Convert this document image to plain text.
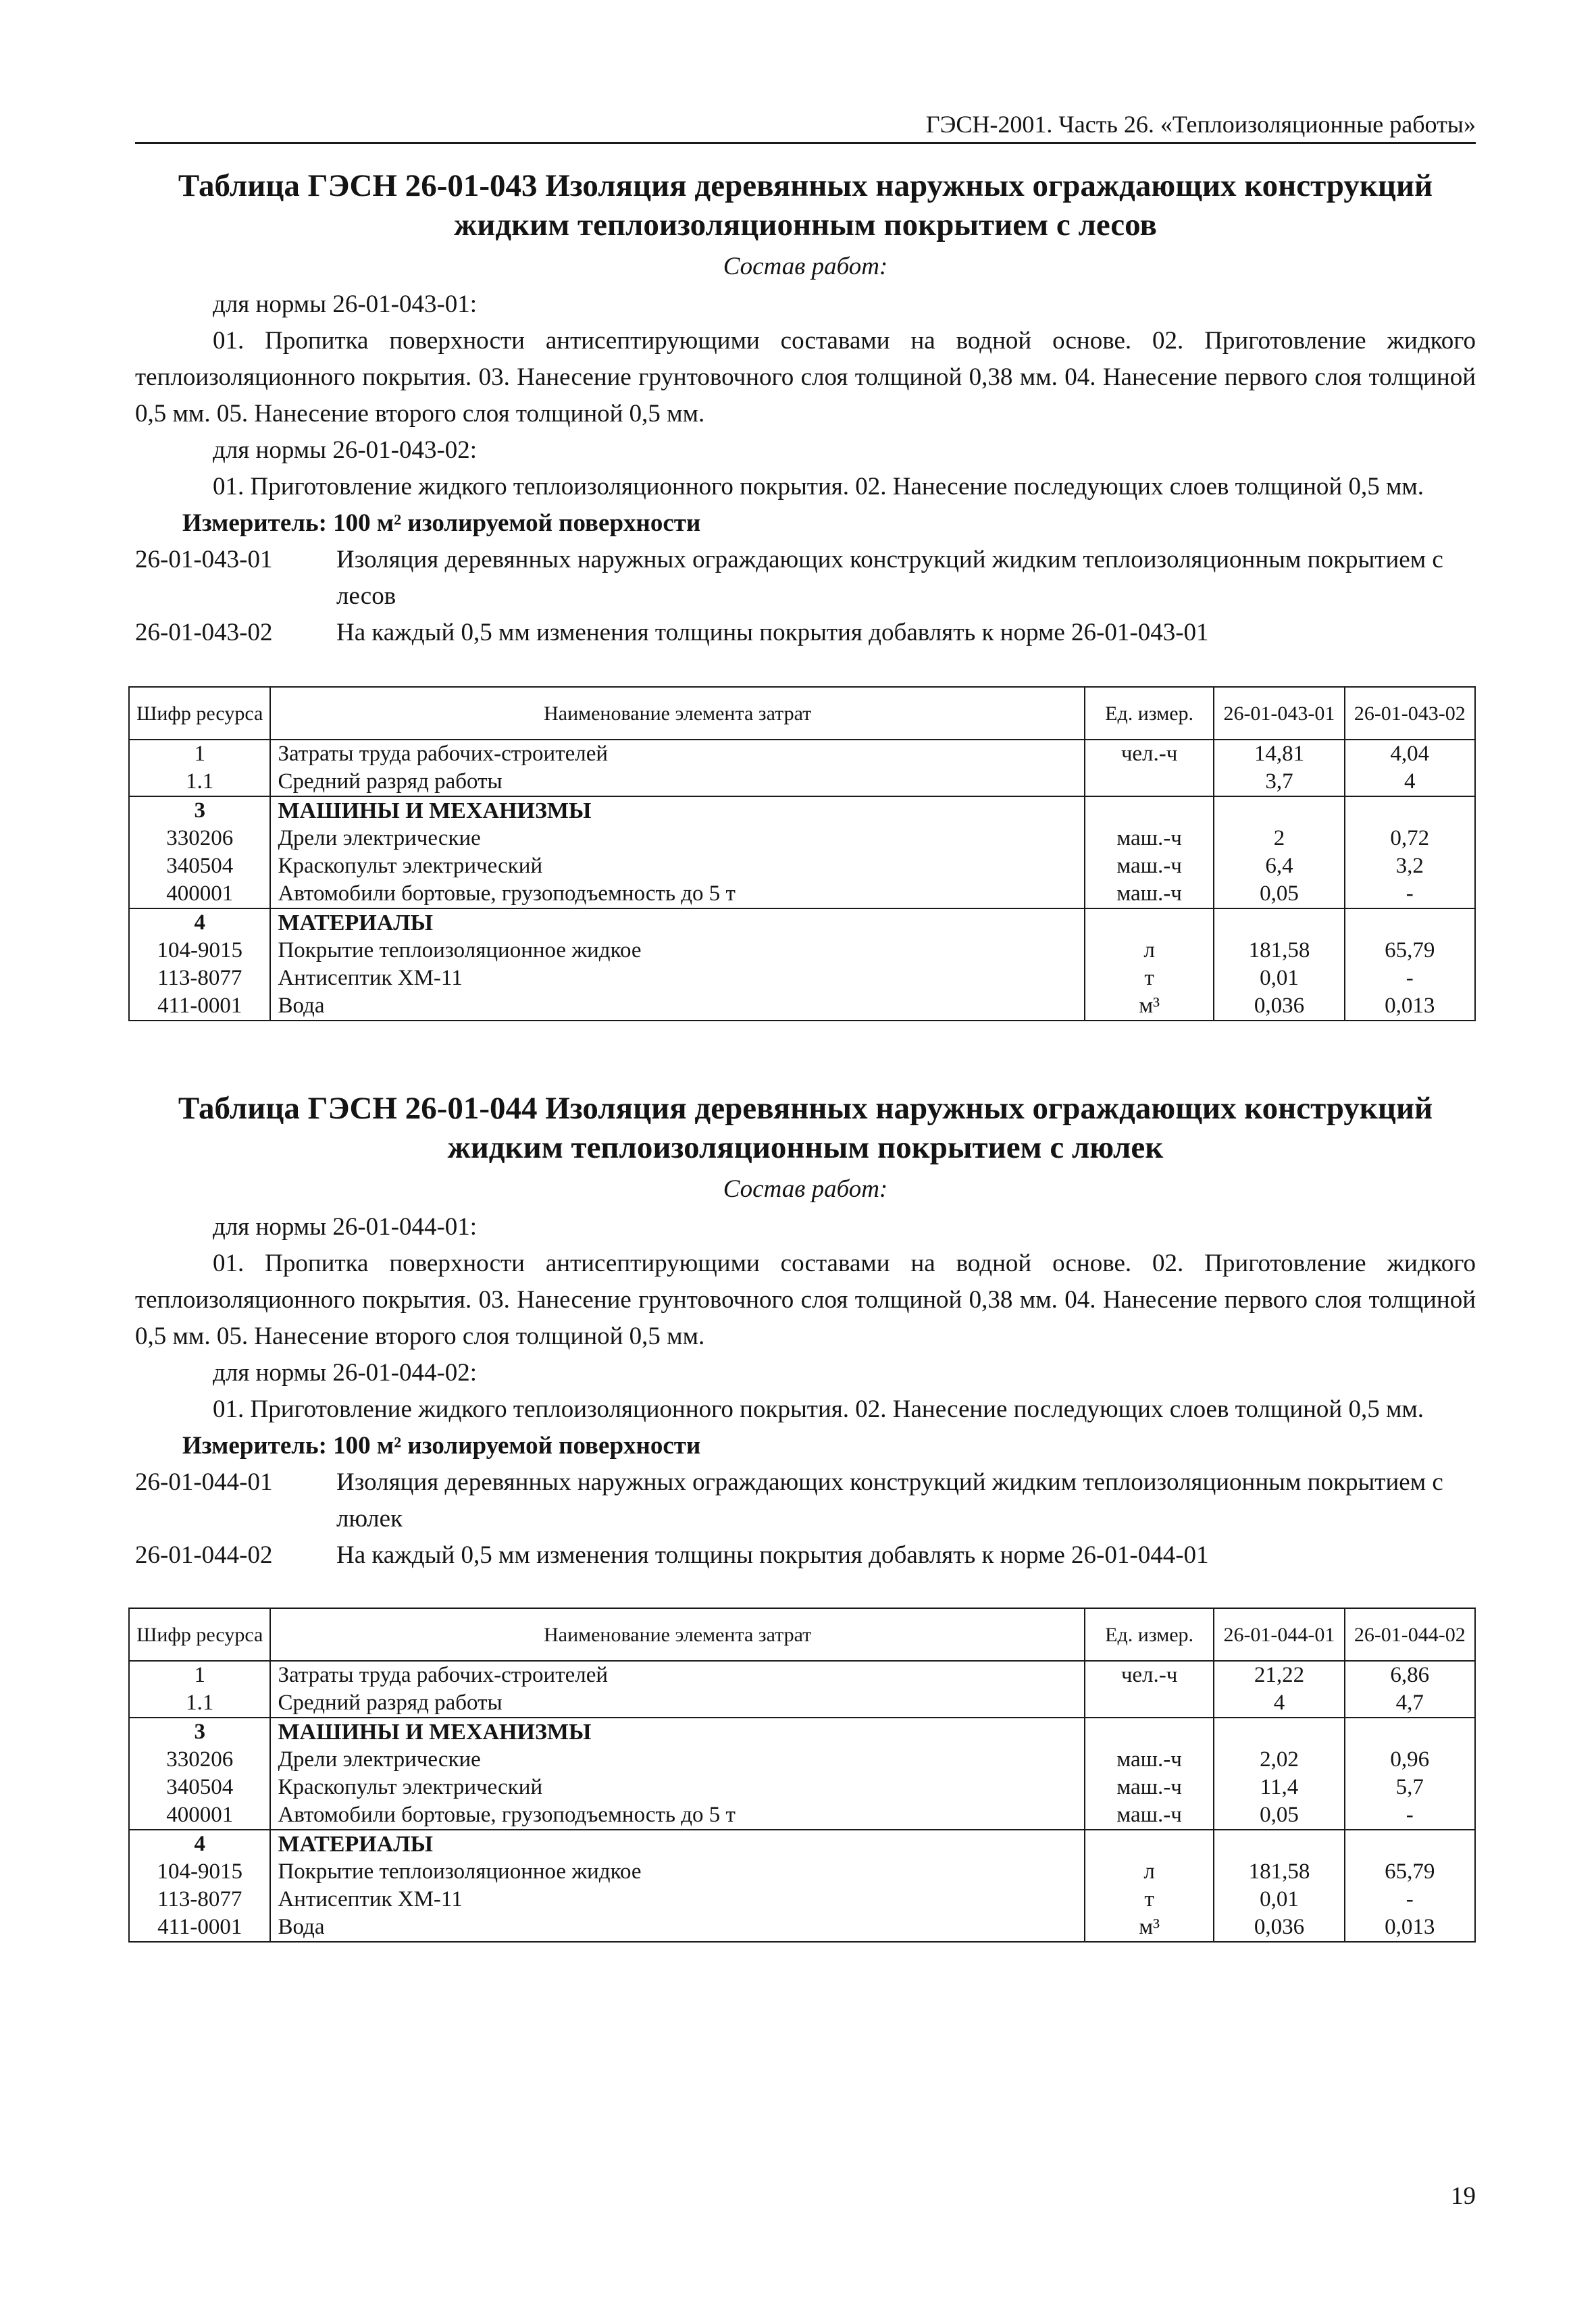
ГЭСН-2001. Часть 26. «Теплоизоляционные работы»

Таблица ГЭСН 26-01-043 Изоляция деревянных наружных ограждающих конструкций
жидким теплоизоляционным покрытием с лесов

Состав работ:

для нормы 26-01-043-01:

01. Пропитка поверхности антисептирующими составами на водной основе. 02. Приготовление жидкого теплоизоляционного покрытия. 03. Нанесение грунтовочного слоя толщиной 0,38 мм. 04. Нанесение первого слоя толщиной 0,5 мм. 05. Нанесение второго слоя толщиной 0,5 мм.

для нормы 26-01-043-02:

01. Приготовление жидкого теплоизоляционного покрытия. 02. Нанесение последующих слоев толщиной 0,5 мм.

Измеритель: 100 м² изолируемой поверхности

26-01-043-01	Изоляция деревянных наружных ограждающих конструкций жидким теплоизоляционным покрытием с лесов
26-01-043-02	На каждый 0,5 мм изменения толщины покрытия добавлять к норме 26-01-043-01
Шифр ресурса	Наименование элемента затрат	Ед. измер.	26-01-043-01	26-01-043-02
1	Затраты труда рабочих-строителей	чел.-ч	14,81	4,04
1.1	Средний разряд работы		3,7	4
3	МАШИНЫ И МЕХАНИЗМЫ			
330206	Дрели электрические	маш.-ч	2	0,72
340504	Краскопульт электрический	маш.-ч	6,4	3,2
400001	Автомобили бортовые, грузоподъемность до 5 т	маш.-ч	0,05	-
4	МАТЕРИАЛЫ			
104-9015	Покрытие теплоизоляционное жидкое	л	181,58	65,79
113-8077	Антисептик ХМ-11	т	0,01	-
411-0001	Вода	м³	0,036	0,013

Таблица ГЭСН 26-01-044 Изоляция деревянных наружных ограждающих конструкций
жидким теплоизоляционным покрытием с люлек

Состав работ:

для нормы 26-01-044-01:

01. Пропитка поверхности антисептирующими составами на водной основе. 02. Приготовление жидкого теплоизоляционного покрытия. 03. Нанесение грунтовочного слоя толщиной 0,38 мм. 04. Нанесение первого слоя толщиной 0,5 мм. 05. Нанесение второго слоя толщиной 0,5 мм.

для нормы 26-01-044-02:

01. Приготовление жидкого теплоизоляционного покрытия. 02. Нанесение последующих слоев толщиной 0,5 мм.

Измеритель: 100 м² изолируемой поверхности

26-01-044-01	Изоляция деревянных наружных ограждающих конструкций жидким теплоизоляционным покрытием с люлек
26-01-044-02	На каждый 0,5 мм изменения толщины покрытия добавлять к норме 26-01-044-01
Шифр ресурса	Наименование элемента затрат	Ед. измер.	26-01-044-01	26-01-044-02
1	Затраты труда рабочих-строителей	чел.-ч	21,22	6,86
1.1	Средний разряд работы		4	4,7
3	МАШИНЫ И МЕХАНИЗМЫ			
330206	Дрели электрические	маш.-ч	2,02	0,96
340504	Краскопульт электрический	маш.-ч	11,4	5,7
400001	Автомобили бортовые, грузоподъемность до 5 т	маш.-ч	0,05	-
4	МАТЕРИАЛЫ			
104-9015	Покрытие теплоизоляционное жидкое	л	181,58	65,79
113-8077	Антисептик ХМ-11	т	0,01	-
411-0001	Вода	м³	0,036	0,013
19
